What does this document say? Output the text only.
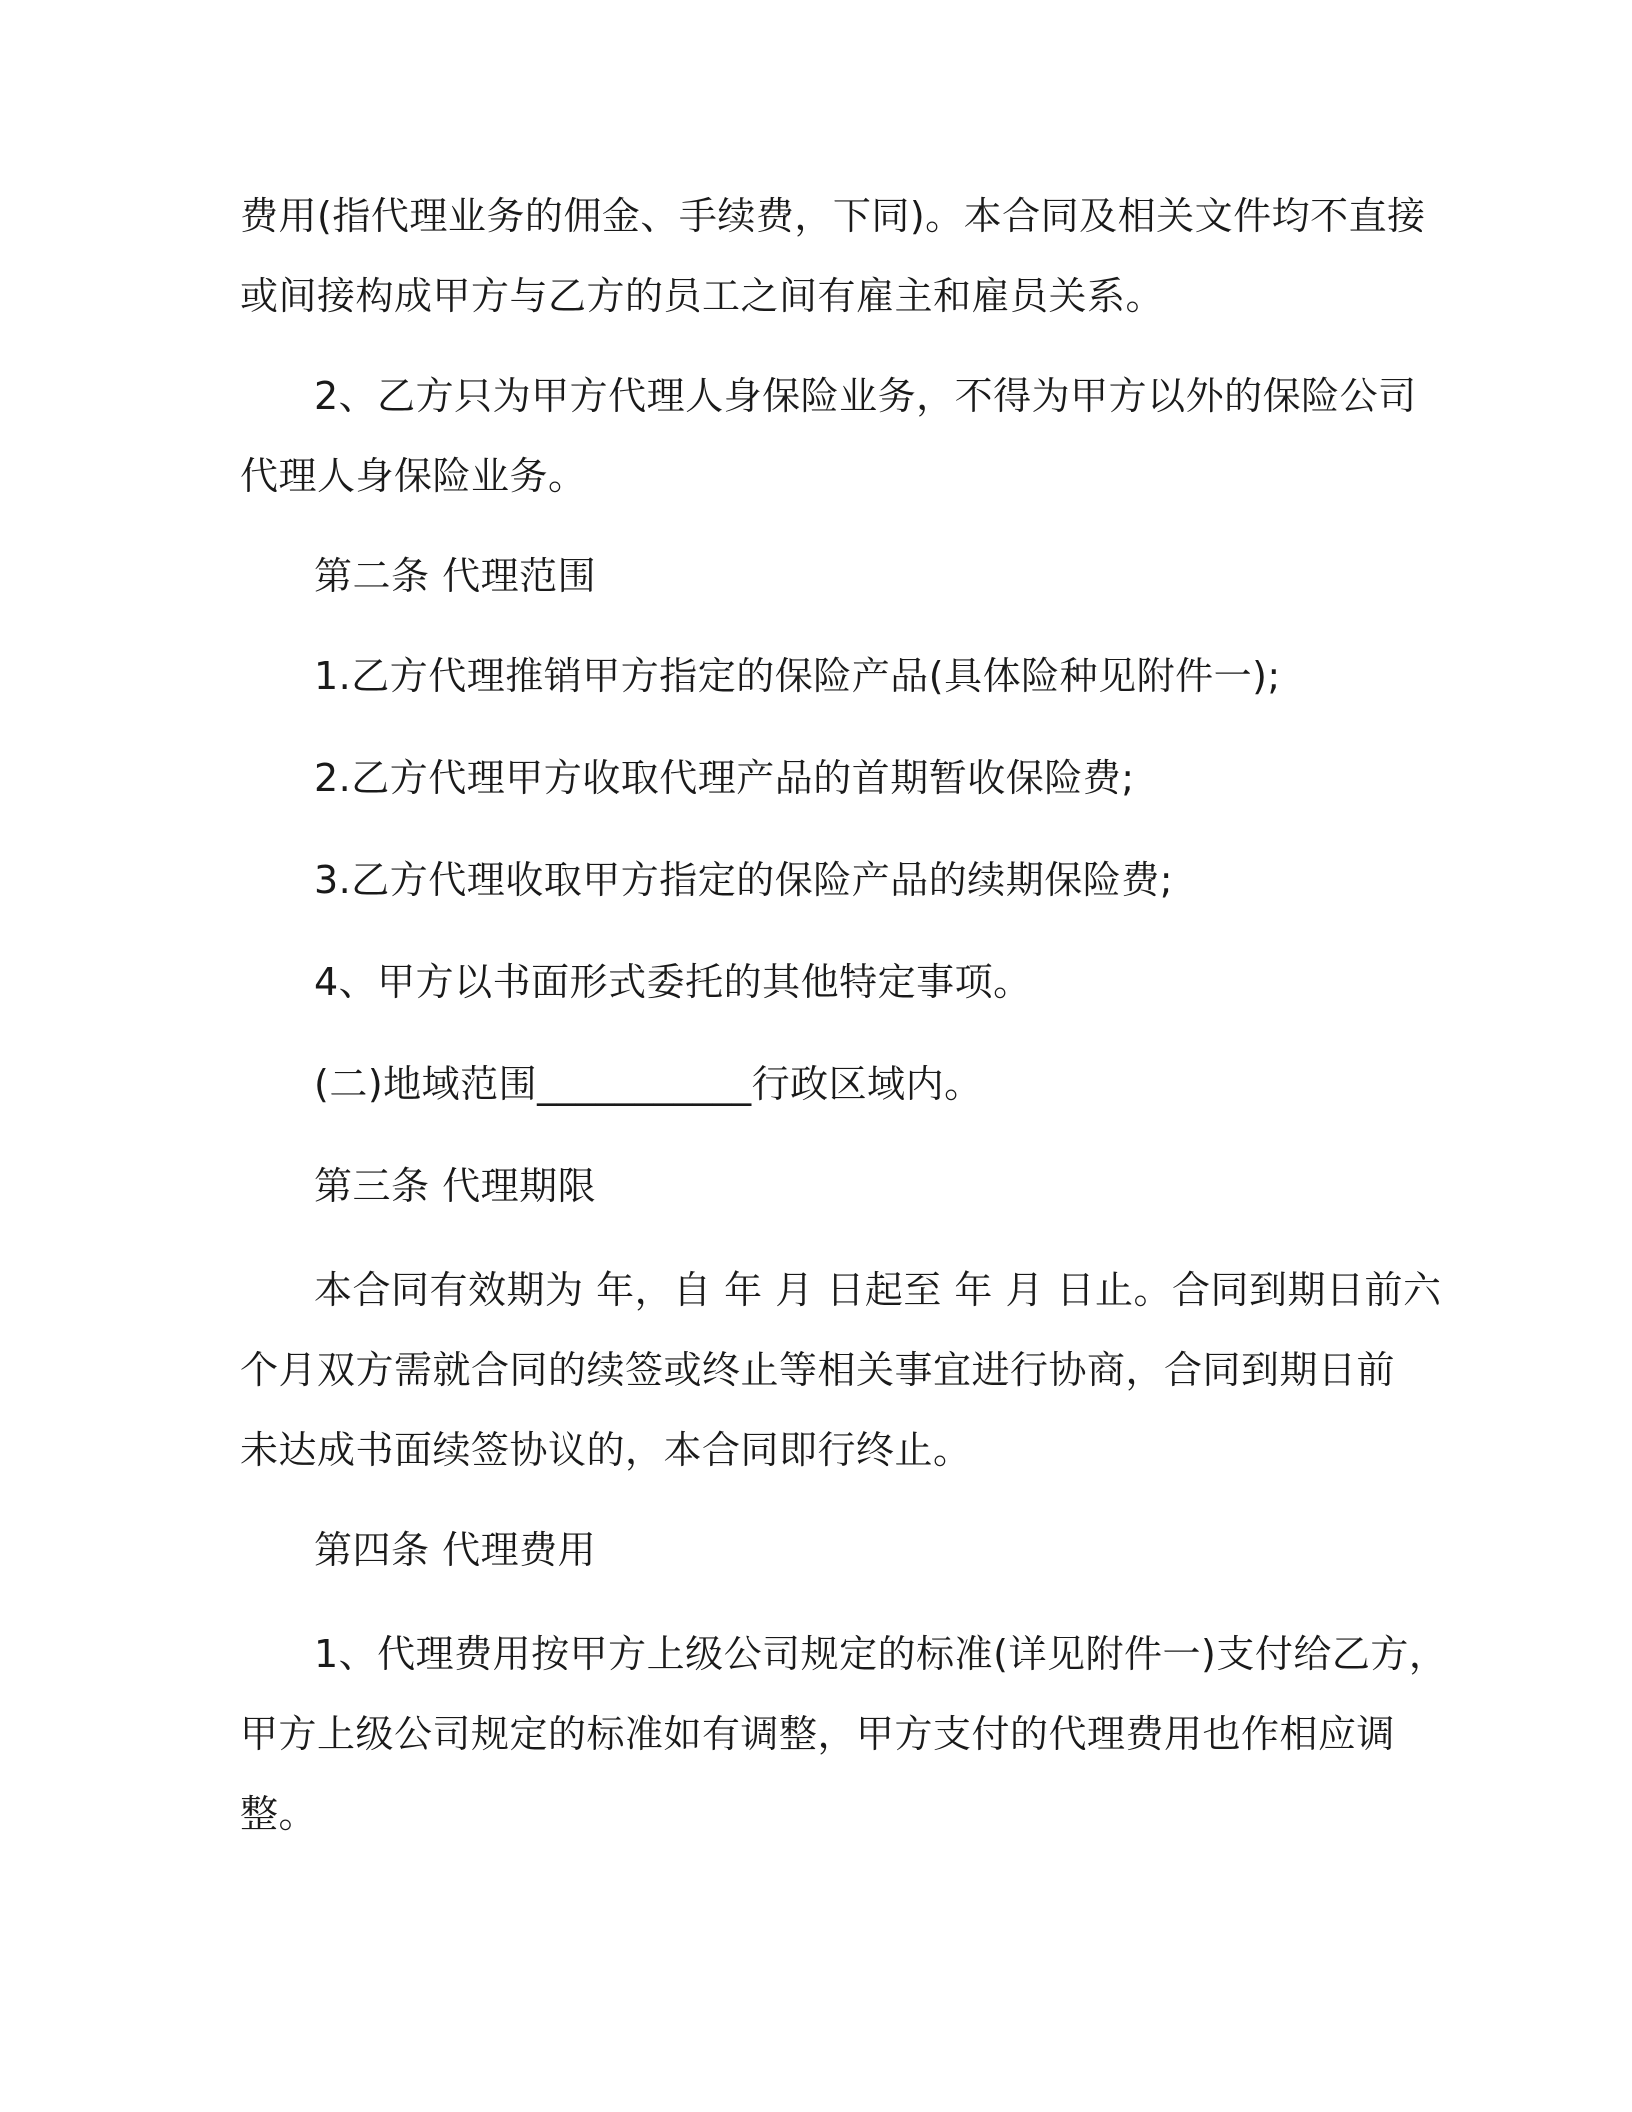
费用(指代理业务的佣金、手续费，下同)。本合同及相关文件均不直接

或间接构成甲方与乙方的员工之间有雇主和雇员关系。

2、乙方只为甲方代理人身保险业务，不得为甲方以外的保险公司

代理人身保险业务。

第二条 代理范围

1.乙方代理推销甲方指定的保险产品(具体险种见附件一);

2.乙方代理甲方收取代理产品的首期暂收保险费;

3.乙方代理收取甲方指定的保险产品的续期保险费;

4、甲方以书面形式委托的其他特定事项。

(二)地域范围___________行政区域内。

第三条 代理期限

本合同有效期为 年，自 年 月 日起至 年 月 日止。合同到期日前六

个月双方需就合同的续签或终止等相关事宜进行协商，合同到期日前

未达成书面续签协议的，本合同即行终止。

第四条 代理费用

1、代理费用按甲方上级公司规定的标准(详见附件一)支付给乙方，

甲方上级公司规定的标准如有调整，甲方支付的代理费用也作相应调

整。
